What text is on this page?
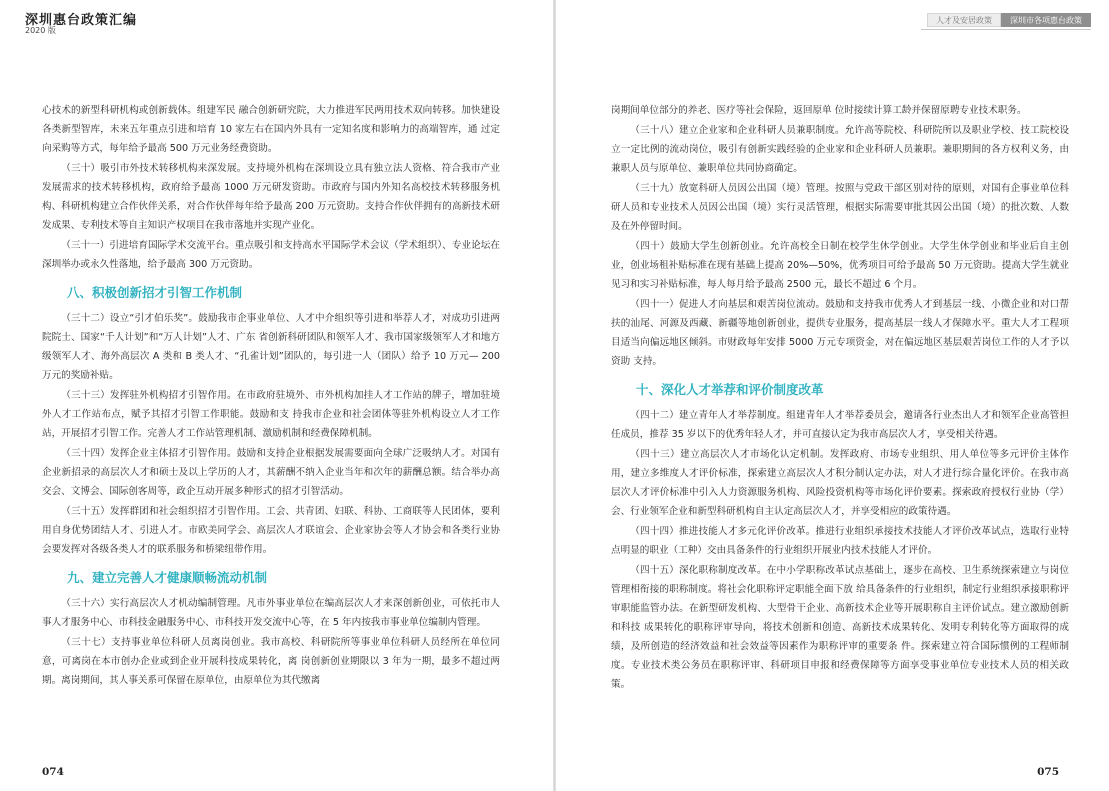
深圳惠台政策汇编
2020 版
心技术的新型科研机构或创新载体。组建军民 融合创新研究院，大力推进军民两用技术双向转移。加快建设各类新型智库，未来五年重点引进和培育 10 家左右在国内外具有一定知名度和影响力的高端智库，通 过定向采购等方式，每年给予最高 500 万元业务经费资助。
（三十）吸引市外技术转移机构来深发展。支持境外机构在深圳设立具有独立法人资格、符合我市产业发展需求的技术转移机构，政府给予最高 1000 万元研发资助。市政府与国内外知名高校技术转移服务机构、科研机构建立合作伙伴关系，对合作伙伴每年给予最高 200 万元资助。支持合作伙伴拥有的高新技术研发成果、专利技术等自主知识产权项目在我市落地并实现产业化。
（三十一）引进培育国际学术交流平台。重点吸引和支持高水平国际学术会议（学术组织）、专业论坛在深圳举办或永久性落地，给予最高 300 万元资助。
八、积极创新招才引智工作机制
（三十二）设立“引才伯乐奖”。鼓励我市企事业单位、人才中介组织等引进和举荐人才，对成功引进两院院士、国家“千人计划”和“万人计划”人才、广东 省创新科研团队和领军人才、我市国家级领军人才和地方级领军人才、海外高层次 A 类和 B 类人才、“孔雀计划”团队的，每引进一人（团队）给予 10 万元— 200 万元的奖励补贴。
（三十三）发挥驻外机构招才引智作用。在市政府驻境外、市外机构加挂人才工作站的牌子，增加驻境外人才工作站布点，赋予其招才引智工作职能。鼓励和支 持我市企业和社会团体等驻外机构设立人才工作站，开展招才引智工作。完善人才工作站管理机制、激励机制和经费保障机制。
（三十四）发挥企业主体招才引智作用。鼓励和支持企业根据发展需要面向全球广泛吸纳人才。对国有企业新招录的高层次人才和硕士及以上学历的人才，其薪酬不纳入企业当年和次年的薪酬总额。结合举办高交会、文博会、国际创客周等，政企互动开展多种形式的招才引智活动。
（三十五）发挥群团和社会组织招才引智作用。工会、共青团、妇联、科协、工商联等人民团体，要利用自身优势团结人才、引进人才。市欧美同学会、高层次人才联谊会、企业家协会等人才协会和各类行业协会要发挥对各级各类人才的联系服务和桥梁纽带作用。
九、建立完善人才健康顺畅流动机制
（三十六）实行高层次人才机动编制管理。凡市外事业单位在编高层次人才来深创新创业，可依托市人事人才服务中心、市科技金融服务中心、市科技开发交流中心等，在 5 年内按我市事业单位编制内管理。
（三十七）支持事业单位科研人员离岗创业。我市高校、科研院所等事业单位科研人员经所在单位同意，可离岗在本市创办企业或到企业开展科技成果转化，离 岗创新创业期限以 3 年为一期，最多不超过两期。离岗期间，其人事关系可保留在原单位，由原单位为其代缴离
074
人才及安居政策	深圳市各项惠台政策
岗期间单位部分的养老、医疗等社会保险，返回原单 位时接续计算工龄并保留原聘专业技术职务。
（三十八）建立企业家和企业科研人员兼职制度。允许高等院校、科研院所以及职业学校、技工院校设立一定比例的流动岗位，吸引有创新实践经验的企业家和企业科研人员兼职。兼职期间的各方权利义务，由兼职人员与原单位、兼职单位共同协商确定。
（三十九）放宽科研人员因公出国（境）管理。按照与党政干部区别对待的原则，对国有企事业单位科研人员和专业技术人员因公出国（境）实行灵活管理，根据实际需要审批其因公出国（境）的批次数、人数及在外停留时间。
（四十）鼓励大学生创新创业。允许高校全日制在校学生休学创业。大学生休学创业和毕业后自主创业，创业场租补贴标准在现有基础上提高 20%—50%，优秀项目可给予最高 50 万元资助。提高大学生就业见习和实习补贴标准，每人每月给予最高 2500 元，最长不超过 6 个月。
（四十一）促进人才向基层和艰苦岗位流动。鼓励和支持我市优秀人才到基层一线、小微企业和对口帮扶的汕尾、河源及西藏、新疆等地创新创业，提供专业服务，提高基层一线人才保障水平。重大人才工程项目适当向偏远地区倾斜。市财政每年安排 5000 万元专项资金，对在偏远地区基层艰苦岗位工作的人才予以资助 支持。
十、深化人才举荐和评价制度改革
（四十二）建立青年人才举荐制度。组建青年人才举荐委员会，邀请各行业杰出人才和领军企业高管担任成员，推荐 35 岁以下的优秀年轻人才，并可直接认定为我市高层次人才，享受相关待遇。
（四十三）建立高层次人才市场化认定机制。发挥政府、市场专业组织、用人单位等多元评价主体作用，建立多维度人才评价标准，探索建立高层次人才积分制认定办法，对人才进行综合量化评价。在我市高层次人才评价标准中引入人力资源服务机构、风险投资机构等市场化评价要素。探索政府授权行业协（学）会、行业领军企业和新型科研机构自主认定高层次人才，并享受相应的政策待遇。
（四十四）推进技能人才多元化评价改革。推进行业组织承接技术技能人才评价改革试点，选取行业特点明显的职业（工种）交由具备条件的行业组织开展业内技术技能人才评价。
（四十五）深化职称制度改革。在中小学职称改革试点基础上，逐步在高校、卫生系统探索建立与岗位管理相衔接的职称制度。将社会化职称评定职能全面下放 给具备条件的行业组织，制定行业组织承接职称评审职能监管办法。在新型研发机构、大型骨干企业、高新技术企业等开展职称自主评价试点。建立激励创新和科技 成果转化的职称评审导向，将技术创新和创造、高新技术成果转化、发明专利转化等方面取得的成绩，及所创造的经济效益和社会效益等因素作为职称评审的重要条 件。探索建立符合国际惯例的工程师制度。专业技术类公务员在职称评审、科研项目申报和经费保障等方面享受事业单位专业技术人员的相关政策。
075
